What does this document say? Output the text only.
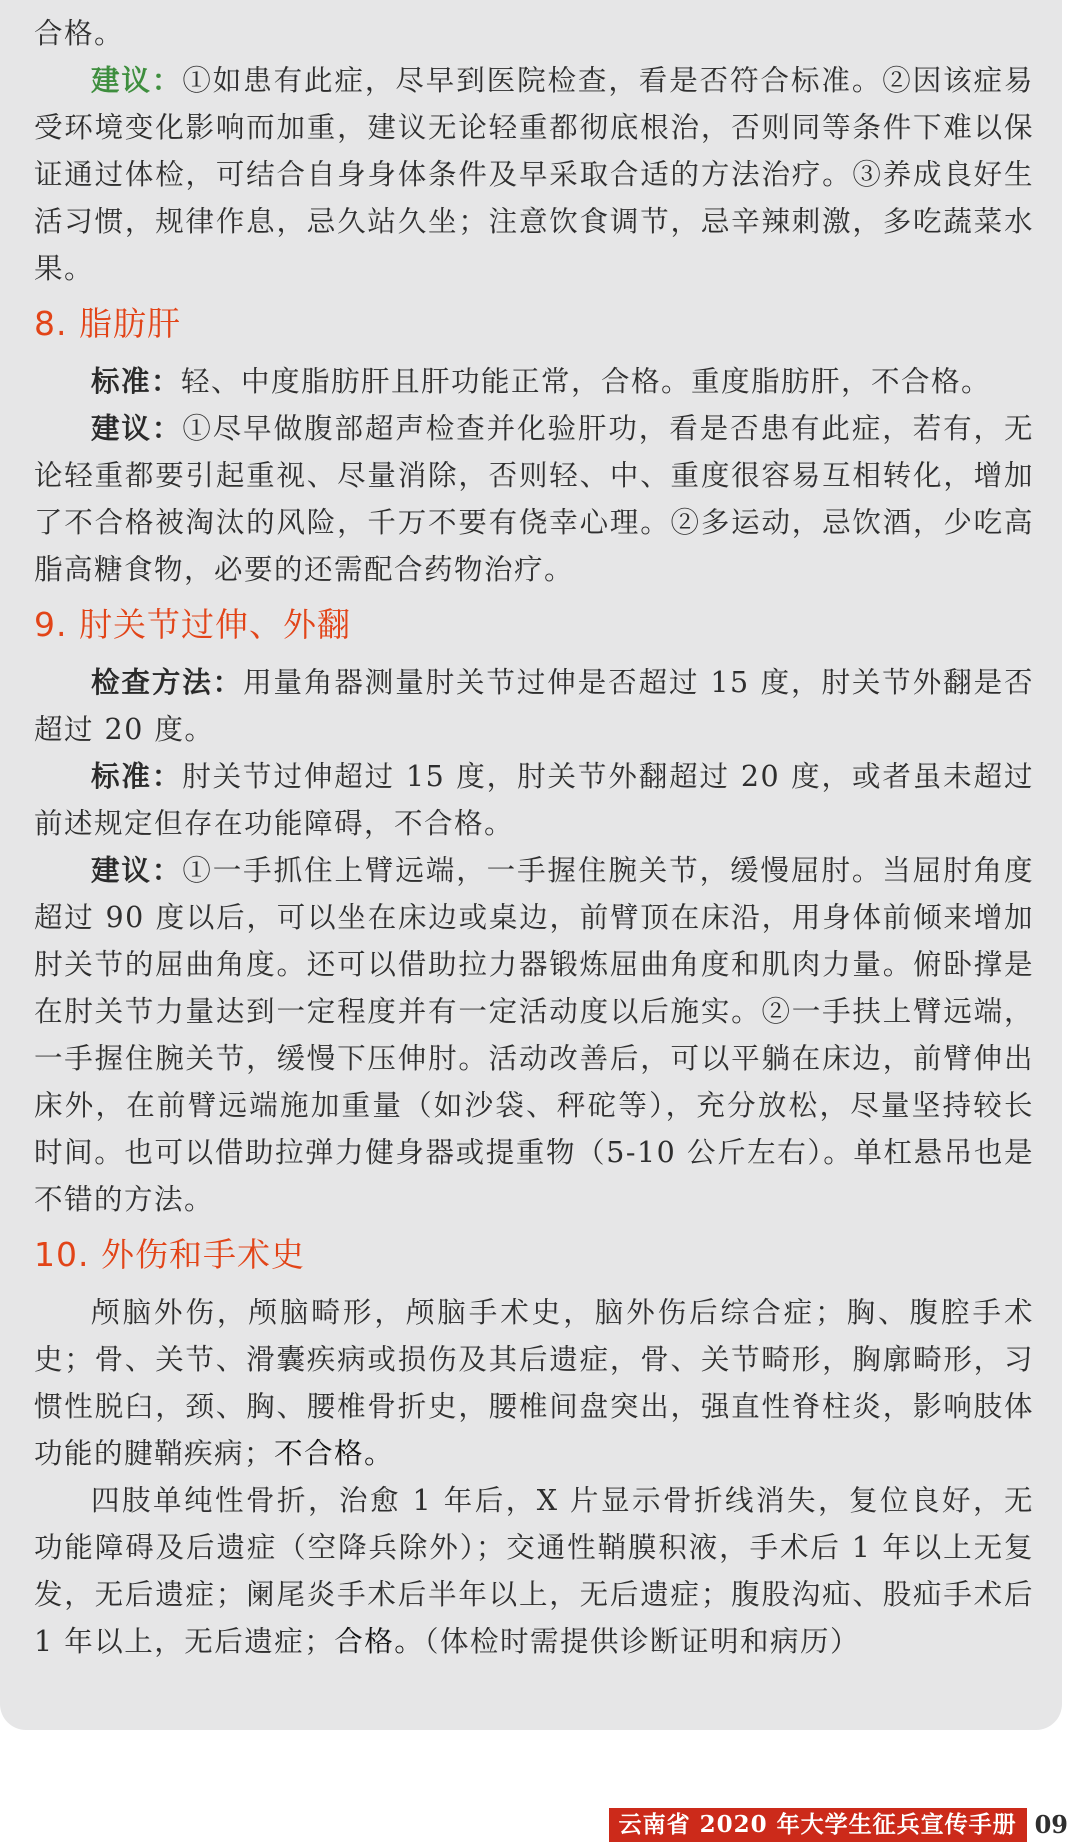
合格。

建议：①如患有此症，尽早到医院检查，看是否符合标准。②因该症易受环境变化影响而加重，建议无论轻重都彻底根治，否则同等条件下难以保证通过体检，可结合自身身体条件及早采取合适的方法治疗。③养成良好生活习惯，规律作息，忌久站久坐；注意饮食调节，忌辛辣刺激，多吃蔬菜水果。

8. 脂肪肝

标准：轻、中度脂肪肝且肝功能正常，合格。重度脂肪肝，不合格。

建议：①尽早做腹部超声检查并化验肝功，看是否患有此症，若有，无论轻重都要引起重视、尽量消除，否则轻、中、重度很容易互相转化，增加了不合格被淘汰的风险，千万不要有侥幸心理。②多运动，忌饮酒，少吃高脂高糖食物，必要的还需配合药物治疗。

9. 肘关节过伸、外翻

检查方法：用量角器测量肘关节过伸是否超过 15 度，肘关节外翻是否超过 20 度。

标准：肘关节过伸超过 15 度，肘关节外翻超过 20 度，或者虽未超过前述规定但存在功能障碍，不合格。

建议：①一手抓住上臂远端，一手握住腕关节，缓慢屈肘。当屈肘角度超过 90 度以后，可以坐在床边或桌边，前臂顶在床沿，用身体前倾来增加肘关节的屈曲角度。还可以借助拉力器锻炼屈曲角度和肌肉力量。俯卧撑是在肘关节力量达到一定程度并有一定活动度以后施实。②一手扶上臂远端，一手握住腕关节，缓慢下压伸肘。活动改善后，可以平躺在床边，前臂伸出床外，在前臂远端施加重量（如沙袋、秤砣等），充分放松，尽量坚持较长时间。也可以借助拉弹力健身器或提重物（5-10 公斤左右）。单杠悬吊也是不错的方法。

10. 外伤和手术史

颅脑外伤，颅脑畸形，颅脑手术史，脑外伤后综合症；胸、腹腔手术史；骨、关节、滑囊疾病或损伤及其后遗症，骨、关节畸形，胸廓畸形，习惯性脱臼，颈、胸、腰椎骨折史，腰椎间盘突出，强直性脊柱炎，影响肢体功能的腱鞘疾病；不合格。

四肢单纯性骨折，治愈 1 年后，X 片显示骨折线消失，复位良好，无功能障碍及后遗症（空降兵除外）；交通性鞘膜积液，手术后 1 年以上无复发，无后遗症；阑尾炎手术后半年以上，无后遗症；腹股沟疝、股疝手术后 1 年以上，无后遗症；合格。（体检时需提供诊断证明和病历）

云南省 2020 年大学生征兵宣传手册 09
